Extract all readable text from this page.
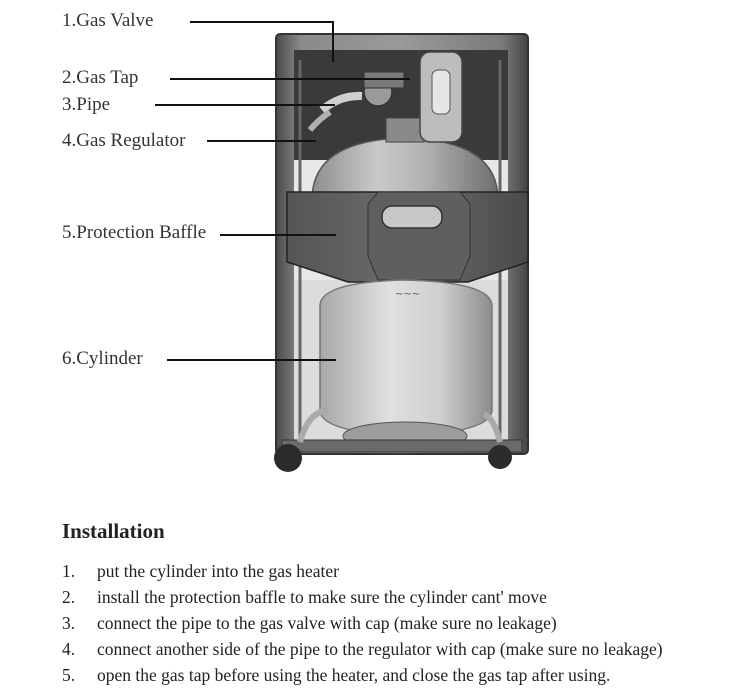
~~~
1.Gas Valve
2.Gas Tap
3.Pipe
4.Gas Regulator
5.Protection Baffle
6.Cylinder
Installation
1. put the cylinder into the gas heater
2. install the protection baffle to make sure the cylinder cant' move
3. connect the pipe to the gas valve with cap (make sure no leakage)
4. connect another side of the pipe to the regulator with cap (make sure no leakage)
5. open the gas tap before using the heater, and close the gas tap after using.
